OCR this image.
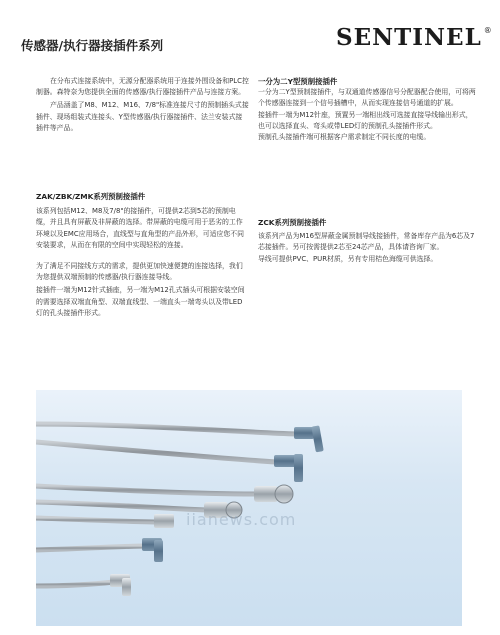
传感器/执行器接插件系列	SENTINEL ®

在分布式连接系统中，无源分配器系统用于连接外围设备和PLC控制器。森特奈为您提供全面的传感器/执行器接插件产品与连接方案。

产品涵盖了M8、M12、M16、7/8"标准连接尺寸的预制插头式接插件、现场组装式连接头、Y型传感器/执行器接插件、法兰安装式接插件等产品。

ZAK/ZBK/ZMK系列预制接插件

该系列包括M12、M8及7/8"的接插件，可提供2芯到5芯的预制电缆，并且具有屏蔽及非屏蔽的选择。带屏蔽的电缆可用于恶劣的工作环境以及EMC应用场合，直线型与直角型的产品外形，可适应您不同安装要求，从而在有限的空间中实现轻松的连接。

为了满足不同接线方式的需求，提供更加快速便捷的连接选择，我们为您提供双端预制的传感器/执行器连接导线。

接插件一端为M12针式插座，另一端为M12孔式插头可根据安装空间的需要选择双端直角型、双端直线型、一端直头一端弯头以及带LED灯的孔头接插件形式。

一分为二Y型预制接插件

一分为二Y型预制接插件，与双通道传感器信号分配器配合使用，可将两个传感器连接到一个信号插槽中，从而实现连接信号通道的扩展。

接插件一端为M12针座，预置另一端相出线可选接直接导线输出形式，也可以选择直头、弯头或带LED灯的预制孔头接插件形式。

预制孔头接插件端可根据客户需求制定不同长度的电缆。

ZCK系列预制接插件

该系列产品为M16型屏蔽金属预制导线接插件，常备库存产品为6芯及7芯接插件。另可按需提供2芯至24芯产品，具体请咨询厂家。

导线可提供PVC、PUR材质，另有专用桔色海缆可供选择。

iianews.com
